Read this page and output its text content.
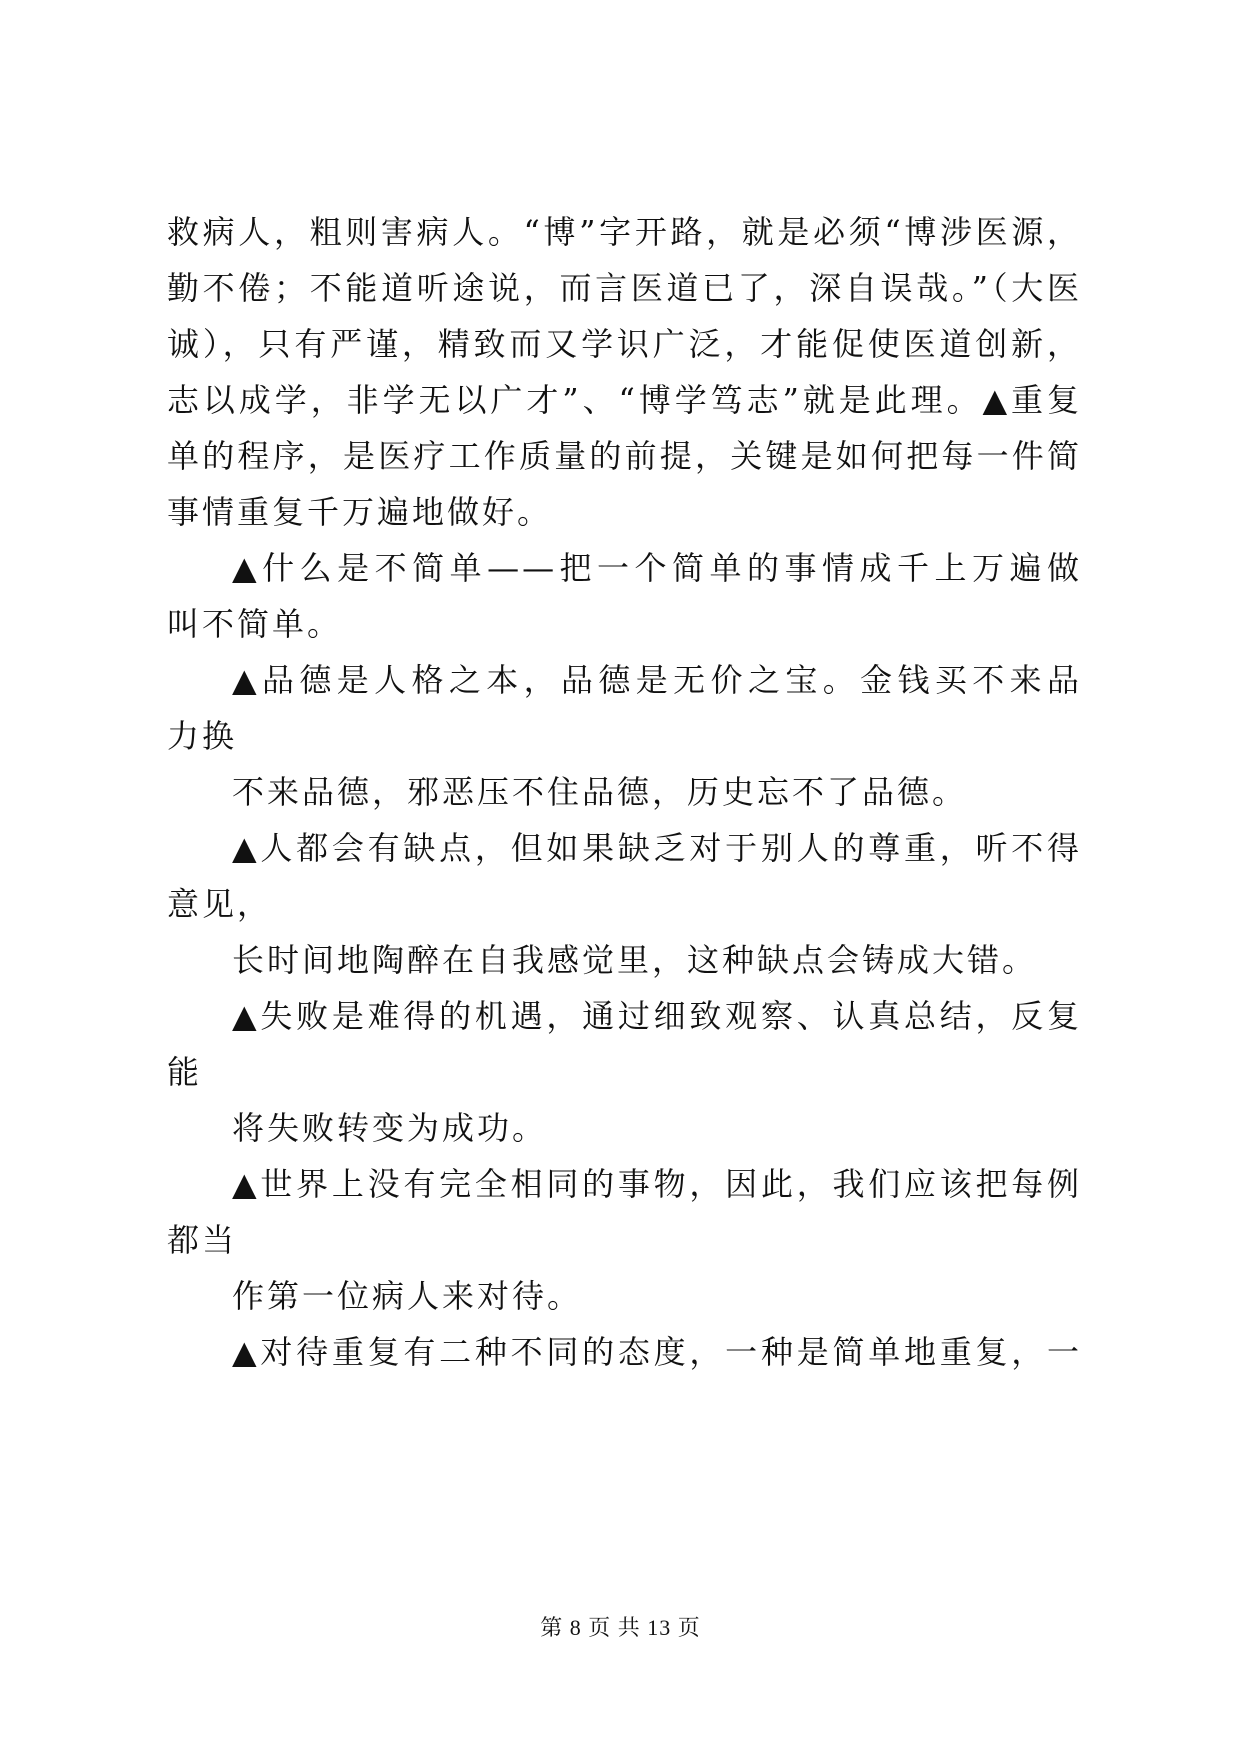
救病人，粗则害病人。“博”字开路，就是必须“博涉医源，
勤不倦；不能道听途说，而言医道已了，深自误哉。”（大医
诚），只有严谨，精致而又学识广泛，才能促使医道创新，
志以成学，非学无以广才”、“博学笃志”就是此理。▲重复
单的程序，是医疗工作质量的前提，关键是如何把每一件简
事情重复千万遍地做好。
▲什么是不简单——把一个简单的事情成千上万遍做
叫不简单。
▲品德是人格之本，品德是无价之宝。金钱买不来品
力换
不来品德，邪恶压不住品德，历史忘不了品德。
▲人都会有缺点，但如果缺乏对于别人的尊重，听不得
意见，
长时间地陶醉在自我感觉里，这种缺点会铸成大错。
▲失败是难得的机遇，通过细致观察、认真总结，反复
能
将失败转变为成功。
▲世界上没有完全相同的事物，因此，我们应该把每例
都当
作第一位病人来对待。
▲对待重复有二种不同的态度，一种是简单地重复，一
第 8 页 共 13 页
